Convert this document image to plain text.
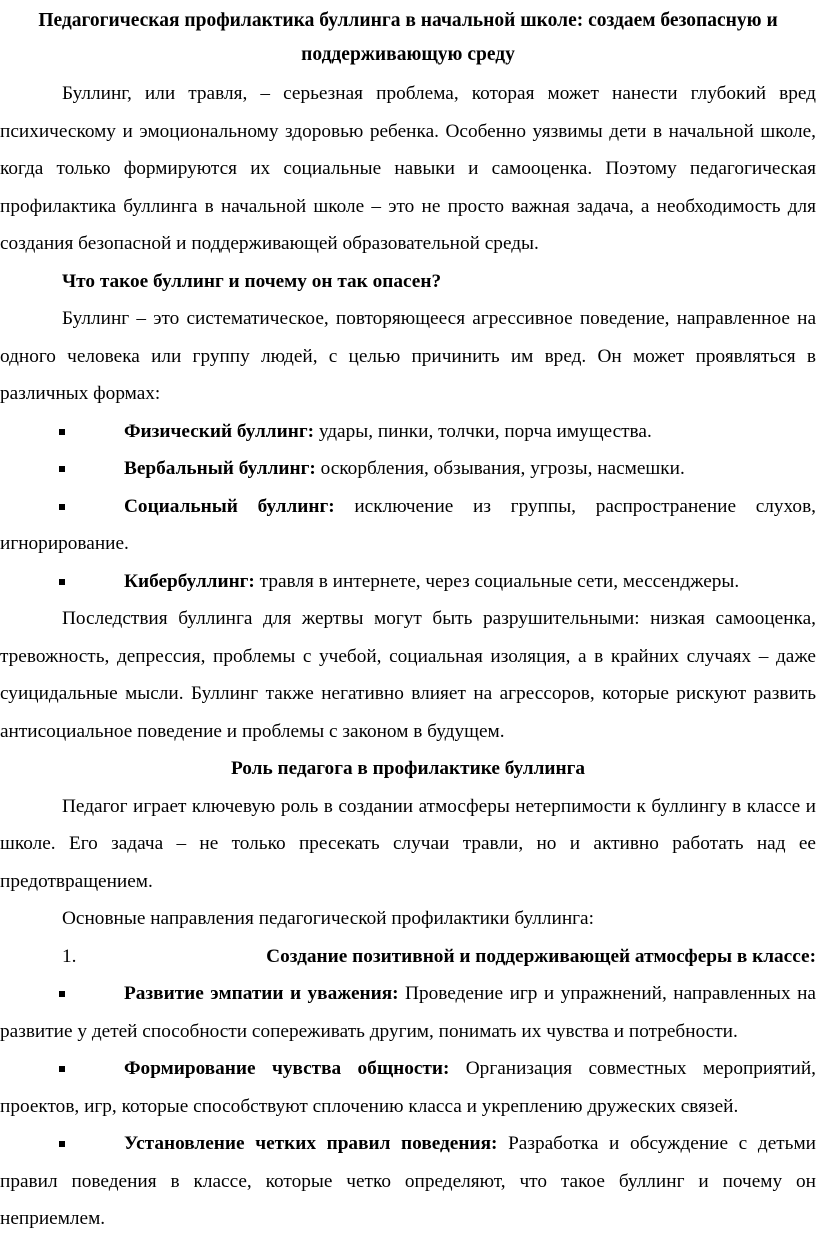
Педагогическая профилактика буллинга в начальной школе: создаем безопасную и поддерживающую среду

Буллинг, или травля, – серьезная проблема, которая может нанести глубокий вред психическому и эмоциональному здоровью ребенка. Особенно уязвимы дети в начальной школе, когда только формируются их социальные навыки и самооценка. Поэтому педагогическая профилактика буллинга в начальной школе – это не просто важная задача, а необходимость для создания безопасной и поддерживающей образовательной среды.

Что такое буллинг и почему он так опасен?

Буллинг – это систематическое, повторяющееся агрессивное поведение, направленное на одного человека или группу людей, с целью причинить им вред. Он может проявляться в различных формах:

Физический буллинг: удары, пинки, толчки, порча имущества.

Вербальный буллинг: оскорбления, обзывания, угрозы, насмешки.

Социальный буллинг: исключение из группы, распространение слухов, игнорирование.

Кибербуллинг: травля в интернете, через социальные сети, мессенджеры.

Последствия буллинга для жертвы могут быть разрушительными: низкая самооценка, тревожность, депрессия, проблемы с учебой, социальная изоляция, а в крайних случаях – даже суицидальные мысли. Буллинг также негативно влияет на агрессоров, которые рискуют развить антисоциальное поведение и проблемы с законом в будущем.

Роль педагога в профилактике буллинга

Педагог играет ключевую роль в создании атмосферы нетерпимости к буллингу в классе и школе. Его задача – не только пресекать случаи травли, но и активно работать над ее предотвращением.

Основные направления педагогической профилактики буллинга:

1.	Создание позитивной и поддерживающей атмосферы в классе:

Развитие эмпатии и уважения: Проведение игр и упражнений, направленных на развитие у детей способности сопереживать другим, понимать их чувства и потребности.

Формирование чувства общности: Организация совместных мероприятий, проектов, игр, которые способствуют сплочению класса и укреплению дружеских связей.

Установление четких правил поведения: Разработка и обсуждение с детьми правил поведения в классе, которые четко определяют, что такое буллинг и почему он неприемлем.
